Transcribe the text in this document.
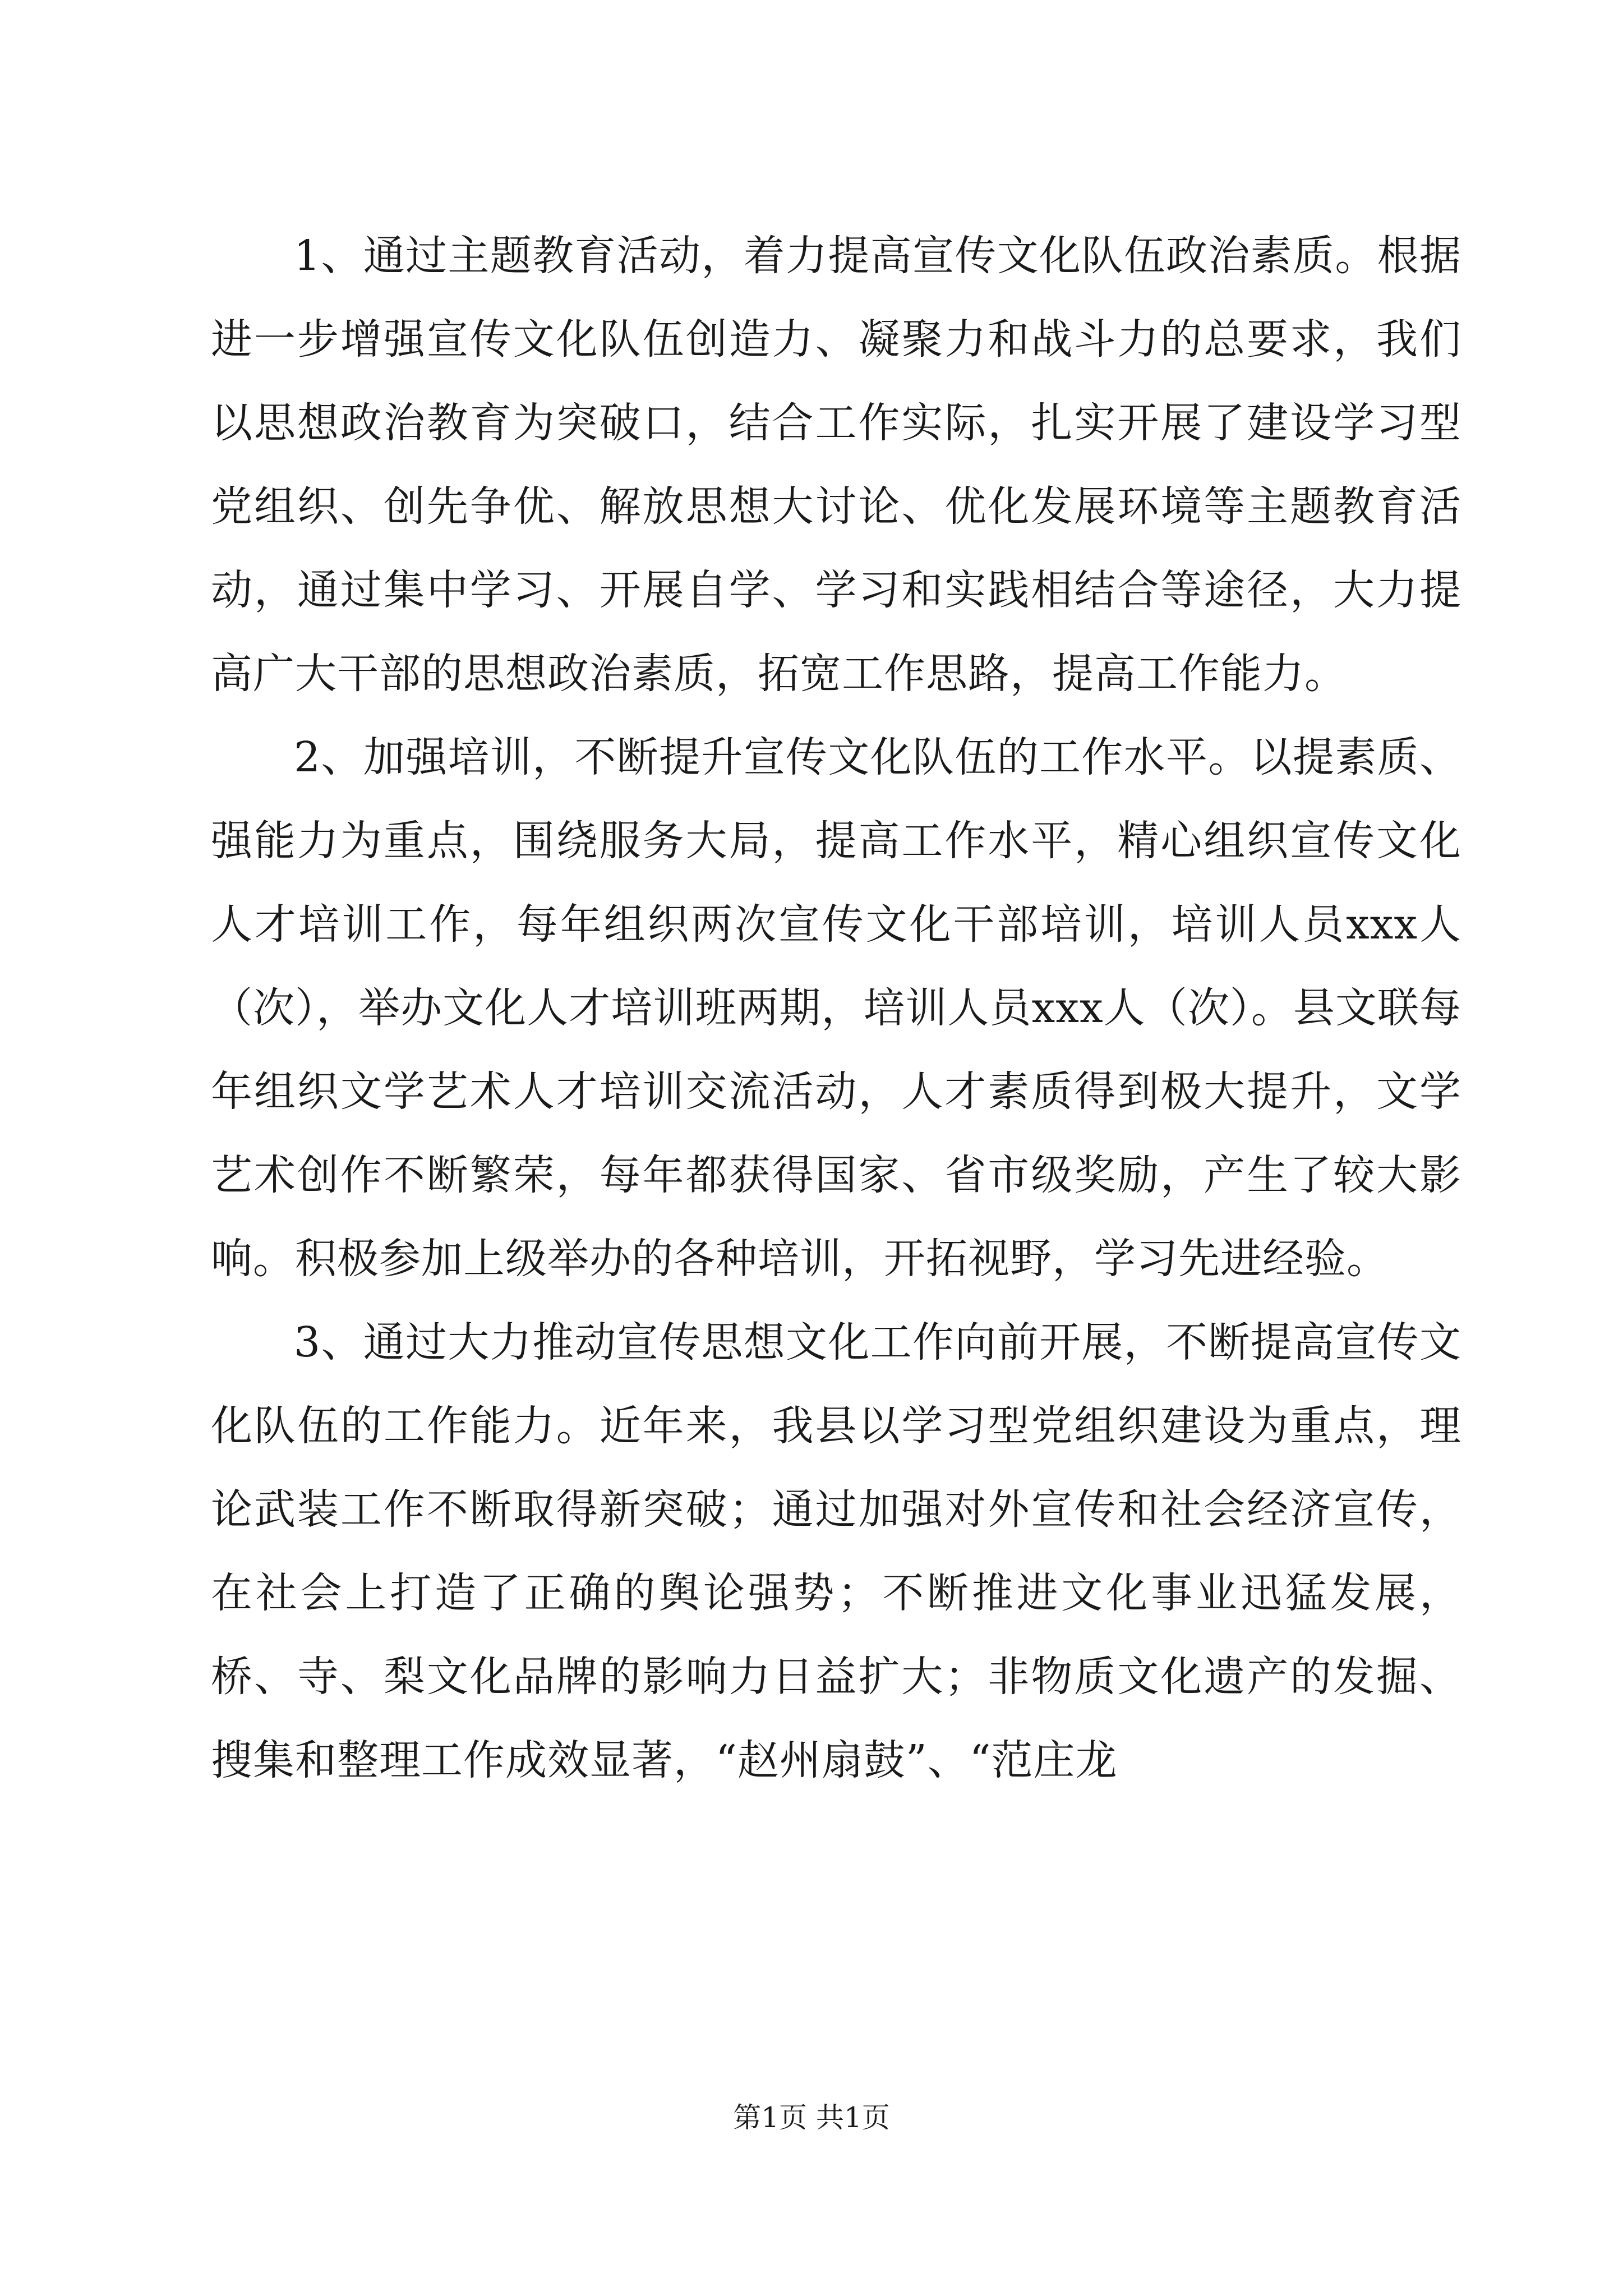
1、通过主题教育活动，着力提高宣传文化队伍政治素质。根据进一步增强宣传文化队伍创造力、凝聚力和战斗力的总要求，我们以思想政治教育为突破口，结合工作实际，扎实开展了建设学习型党组织、创先争优、解放思想大讨论、优化发展环境等主题教育活动，通过集中学习、开展自学、学习和实践相结合等途径，大力提高广大干部的思想政治素质，拓宽工作思路，提高工作能力。

2、加强培训，不断提升宣传文化队伍的工作水平。以提素质、强能力为重点，围绕服务大局，提高工作水平，精心组织宣传文化人才培训工作，每年组织两次宣传文化干部培训，培训人员xxx人（次），举办文化人才培训班两期，培训人员xxx人（次）。县文联每年组织文学艺术人才培训交流活动，人才素质得到极大提升，文学艺术创作不断繁荣，每年都获得国家、省市级奖励，产生了较大影响。积极参加上级举办的各种培训，开拓视野，学习先进经验。

3、通过大力推动宣传思想文化工作向前开展，不断提高宣传文化队伍的工作能力。近年来，我县以学习型党组织建设为重点，理论武装工作不断取得新突破；通过加强对外宣传和社会经济宣传，在社会上打造了正确的舆论强势；不断推进文化事业迅猛发展，桥、寺、梨文化品牌的影响力日益扩大；非物质文化遗产的发掘、搜集和整理工作成效显著，“赵州扇鼓”、“范庄龙

第1页 共1页
